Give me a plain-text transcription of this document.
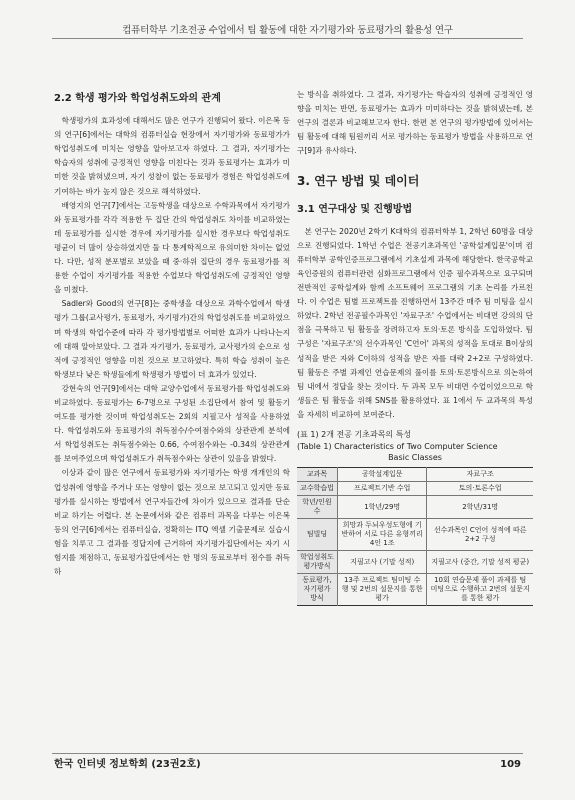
컴퓨터학부 기초전공 수업에서 팀 활동에 대한 자기평가와 동료평가의 활용성 연구
2.2 학생 평가와 학업성취도와의 관계

학생평가의 효과성에 대해서도 많은 연구가 진행되어 왔다. 이은복 등의 연구[6]에서는 대학의 컴퓨터실습 현장에서 자기평가와 동료평가가 학업성취도에 미치는 영향을 알아보고자 하였다. 그 결과, 자기평가는 학습자의 성취에 긍정적인 영향을 미친다는 것과 동료평가는 효과가 미미한 것을 밝혀냈으며, 자기 성찰이 없는 동료평가 경험은 학업성취도에 기여하는 바가 높지 않은 것으로 해석하였다.

배영지의 연구[7]에서는 고등학생을 대상으로 수학과목에서 자기평가와 동료평가를 각각 적용한 두 집단 간의 학업성취도 차이를 비교하였는데 동료평가를 실시한 경우에 자기평가를 실시한 경우보다 학업성취도 평균이 더 많이 상승하였지만 둘 다 통계학적으로 유의미한 차이는 없었다. 다만, 성적 분포별로 보았을 때 중·하위 집단의 경우 동료평가를 적용한 수업이 자기평가를 적용한 수업보다 학업성취도에 긍정적인 영향을 미쳤다.

Sadler와 Good의 연구[8]는 중학생을 대상으로 과학수업에서 학생평가 그룹(교사평가, 동료평가, 자기평가)간의 학업성취도를 비교하였으며 학생의 학업수준에 따라 각 평가방법별로 어떠한 효과가 나타나는지에 대해 알아보았다. 그 결과 자기평가, 동료평가, 교사평가의 순으로 성적에 긍정적인 영향을 미친 것으로 보고하였다. 특히 학습 성취이 높은 학생보다 낮은 학생들에게 학생평가 방법이 더 효과가 있었다.

강현숙의 연구[9]에서는 대학 교양수업에서 동료평가를 학업성취도와 비교하였다. 동료평가는 6-7명으로 구성된 소집단에서 참여 및 활동기여도를 평가한 것이며 학업성취도는 2회의 지필고사 성적을 사용하였다. 학업성취도와 동료평가의 취득점수/수여점수와의 상관관계 분석에서 학업성취도는 취득점수와는 0.66, 수여점수와는 -0.34의 상관관계를 보여주었으며 학업성취도가 취득점수와는 상관이 있음을 밝혔다.

이상과 같이 많은 연구에서 동료평가와 자기평가는 학생 개개인의 학업성취에 영향을 주거나 또는 영향이 없는 것으로 보고되고 있지만 동료평가를 실시하는 방법에서 연구자들간에 차이가 있으므로 결과를 단순비교 하기는 어렵다. 본 논문에서와 같은 컴퓨터 과목을 다루는 이은복 등의 연구[6]에서는 컴퓨터실습, 정확히는 ITQ 엑셀 기출문제로 실습시험을 치루고 그 결과를 정답지에 근거하여 자기평가집단에서는 자기 시험지를 채점하고, 동료평가집단에서는 한 명의 동료로부터 점수를 취득하

는 방식을 취하였다. 그 결과, 자기평가는 학습자의 성취에 긍정적인 영향을 미치는 반면, 동료평가는 효과가 미미하다는 것을 밝혀냈는데, 본 연구의 결론과 비교해보고자 한다. 한편 본 연구의 평가방법에 있어서는 팀 활동에 대해 팀원끼리 서로 평가하는 동료평가 방법을 사용하므로 연구[9]과 유사하다.

3. 연구 방법 및 데이터
3.1 연구대상 및 진행방법

본 연구는 2020년 2학기 K대학의 컴퓨터학부 1, 2학년 60명을 대상으로 진행되었다. 1학년 수업은 전공기초과목인 '공학설계입문'이며 컴퓨터학부 공학인증프로그램에서 기초설계 과목에 해당한다. 한국공학교육인증원의 컴퓨터관련 심화프로그램에서 인증 필수과목으로 요구되며 전반적인 공학설계와 함께 소프트웨어 프로그램의 기초 논리를 가르친다. 이 수업은 팀별 프로젝트를 진행하면서 13주간 매주 팀 미팅을 실시하였다. 2학년 전공필수과목인 '자료구조' 수업에서는 비대면 강의의 단점을 극복하고 팀 활동을 장려하고자 토의·토론 방식을 도입하였다. 팀 구성은 '자료구조'의 선수과목인 'C언어' 과목의 성적을 토대로 B이상의 성적을 받은 자와 C이하의 성적을 받은 자를 대략 2+2로 구성하였다. 팀 활동은 주별 과제인 연습문제의 풀이를 토의·토론방식으로 의논하여 팀 내에서 정답을 찾는 것이다. 두 과목 모두 비대면 수업이었으므로 학생들은 팀 활동을 위해 SNS를 활용하였다. 표 1에서 두 교과목의 특성을 자세히 비교하여 보여준다.

(표 1) 2개 전공 기초과목의 특성
(Table 1) Characteristics of Two Computer Science
Basic Classes
교과목	공학설계입문	자료구조
교수학습법	프로젝트기반 수업	토의·토론수업
학년/인원수	1학년/29명	2학년/31명
팀빌딩	희망과 두뇌우성도형에 기반하여 서로 다른 유형끼리 4인 1조	선수과목인 C언어 성적에 따른 2+2 구성
학업성취도 평가방식	지필고사 (기말 성적)	지필고사 (중간, 기말 성적 평균)
동료평가, 자기평가 방식	13주 프로젝트 팀미팅 수행 및 2번의 설문지를 통한 평가	10회 연습문제 풀이 과제를 팀 미팅으로 수행하고 2번의 설문지를 통한 평가
한국 인터넷 정보학회 (23권2호)	109
